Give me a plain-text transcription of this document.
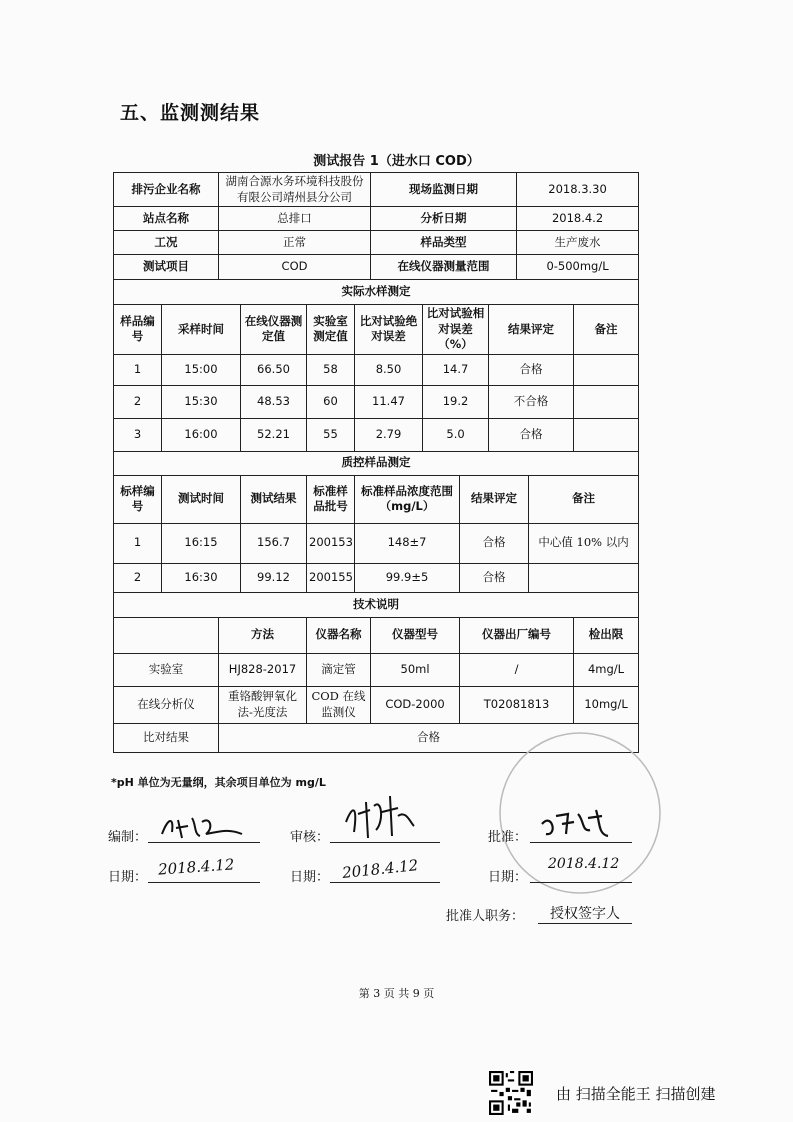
五、监测测结果
测试报告 1（进水口 COD）
排污企业名称		湖南合源水务环境科技股份有限公司靖州县分公司				现场监测日期				2018.3.30		
站点名称		总排口				分析日期				2018.4.2		
工况		正常				样品类型				生产废水		
测试项目		COD				在线仪器测量范围				0-500mg/L		
实际水样测定												
样品编号	采样时间		在线仪器测定值	实验室测定值	比对试验绝对误差		比对试验相对误差（%）		结果评定			备注
1	15:00		66.50	58	8.50		14.7		合格			
2	15:30		48.53	60	11.47		19.2		不合格			
3	16:00		52.21	55	2.79		5.0		合格			
质控样品测定												
标样编号	测试时间		测试结果	标准样品批号	标准样品浓度范围（mg/L）			结果评定			备注	
1	16:15		156.7	200153	148±7			合格			中心值 10% 以内	
2	16:30		99.12	200155	99.9±5			合格				
技术说明												
		方法		仪器名称		仪器型号		仪器出厂编号				检出限
实验室		HJ828-2017		滴定管		50ml		/				4mg/L
在线分析仪		重铬酸钾氧化法-光度法		COD 在线监测仪		COD-2000		T02081813				10mg/L
比对结果		合格										
*pH 单位为无量纲，其余项目单位为 mg/L
编制：	审核：	批准：
日期： 2018.4.12	日期： 2018.4.12	日期：
2018.4.12
批准人职务：	授权签字人
第 3 页 共 9 页
由 扫描全能王 扫描创建
